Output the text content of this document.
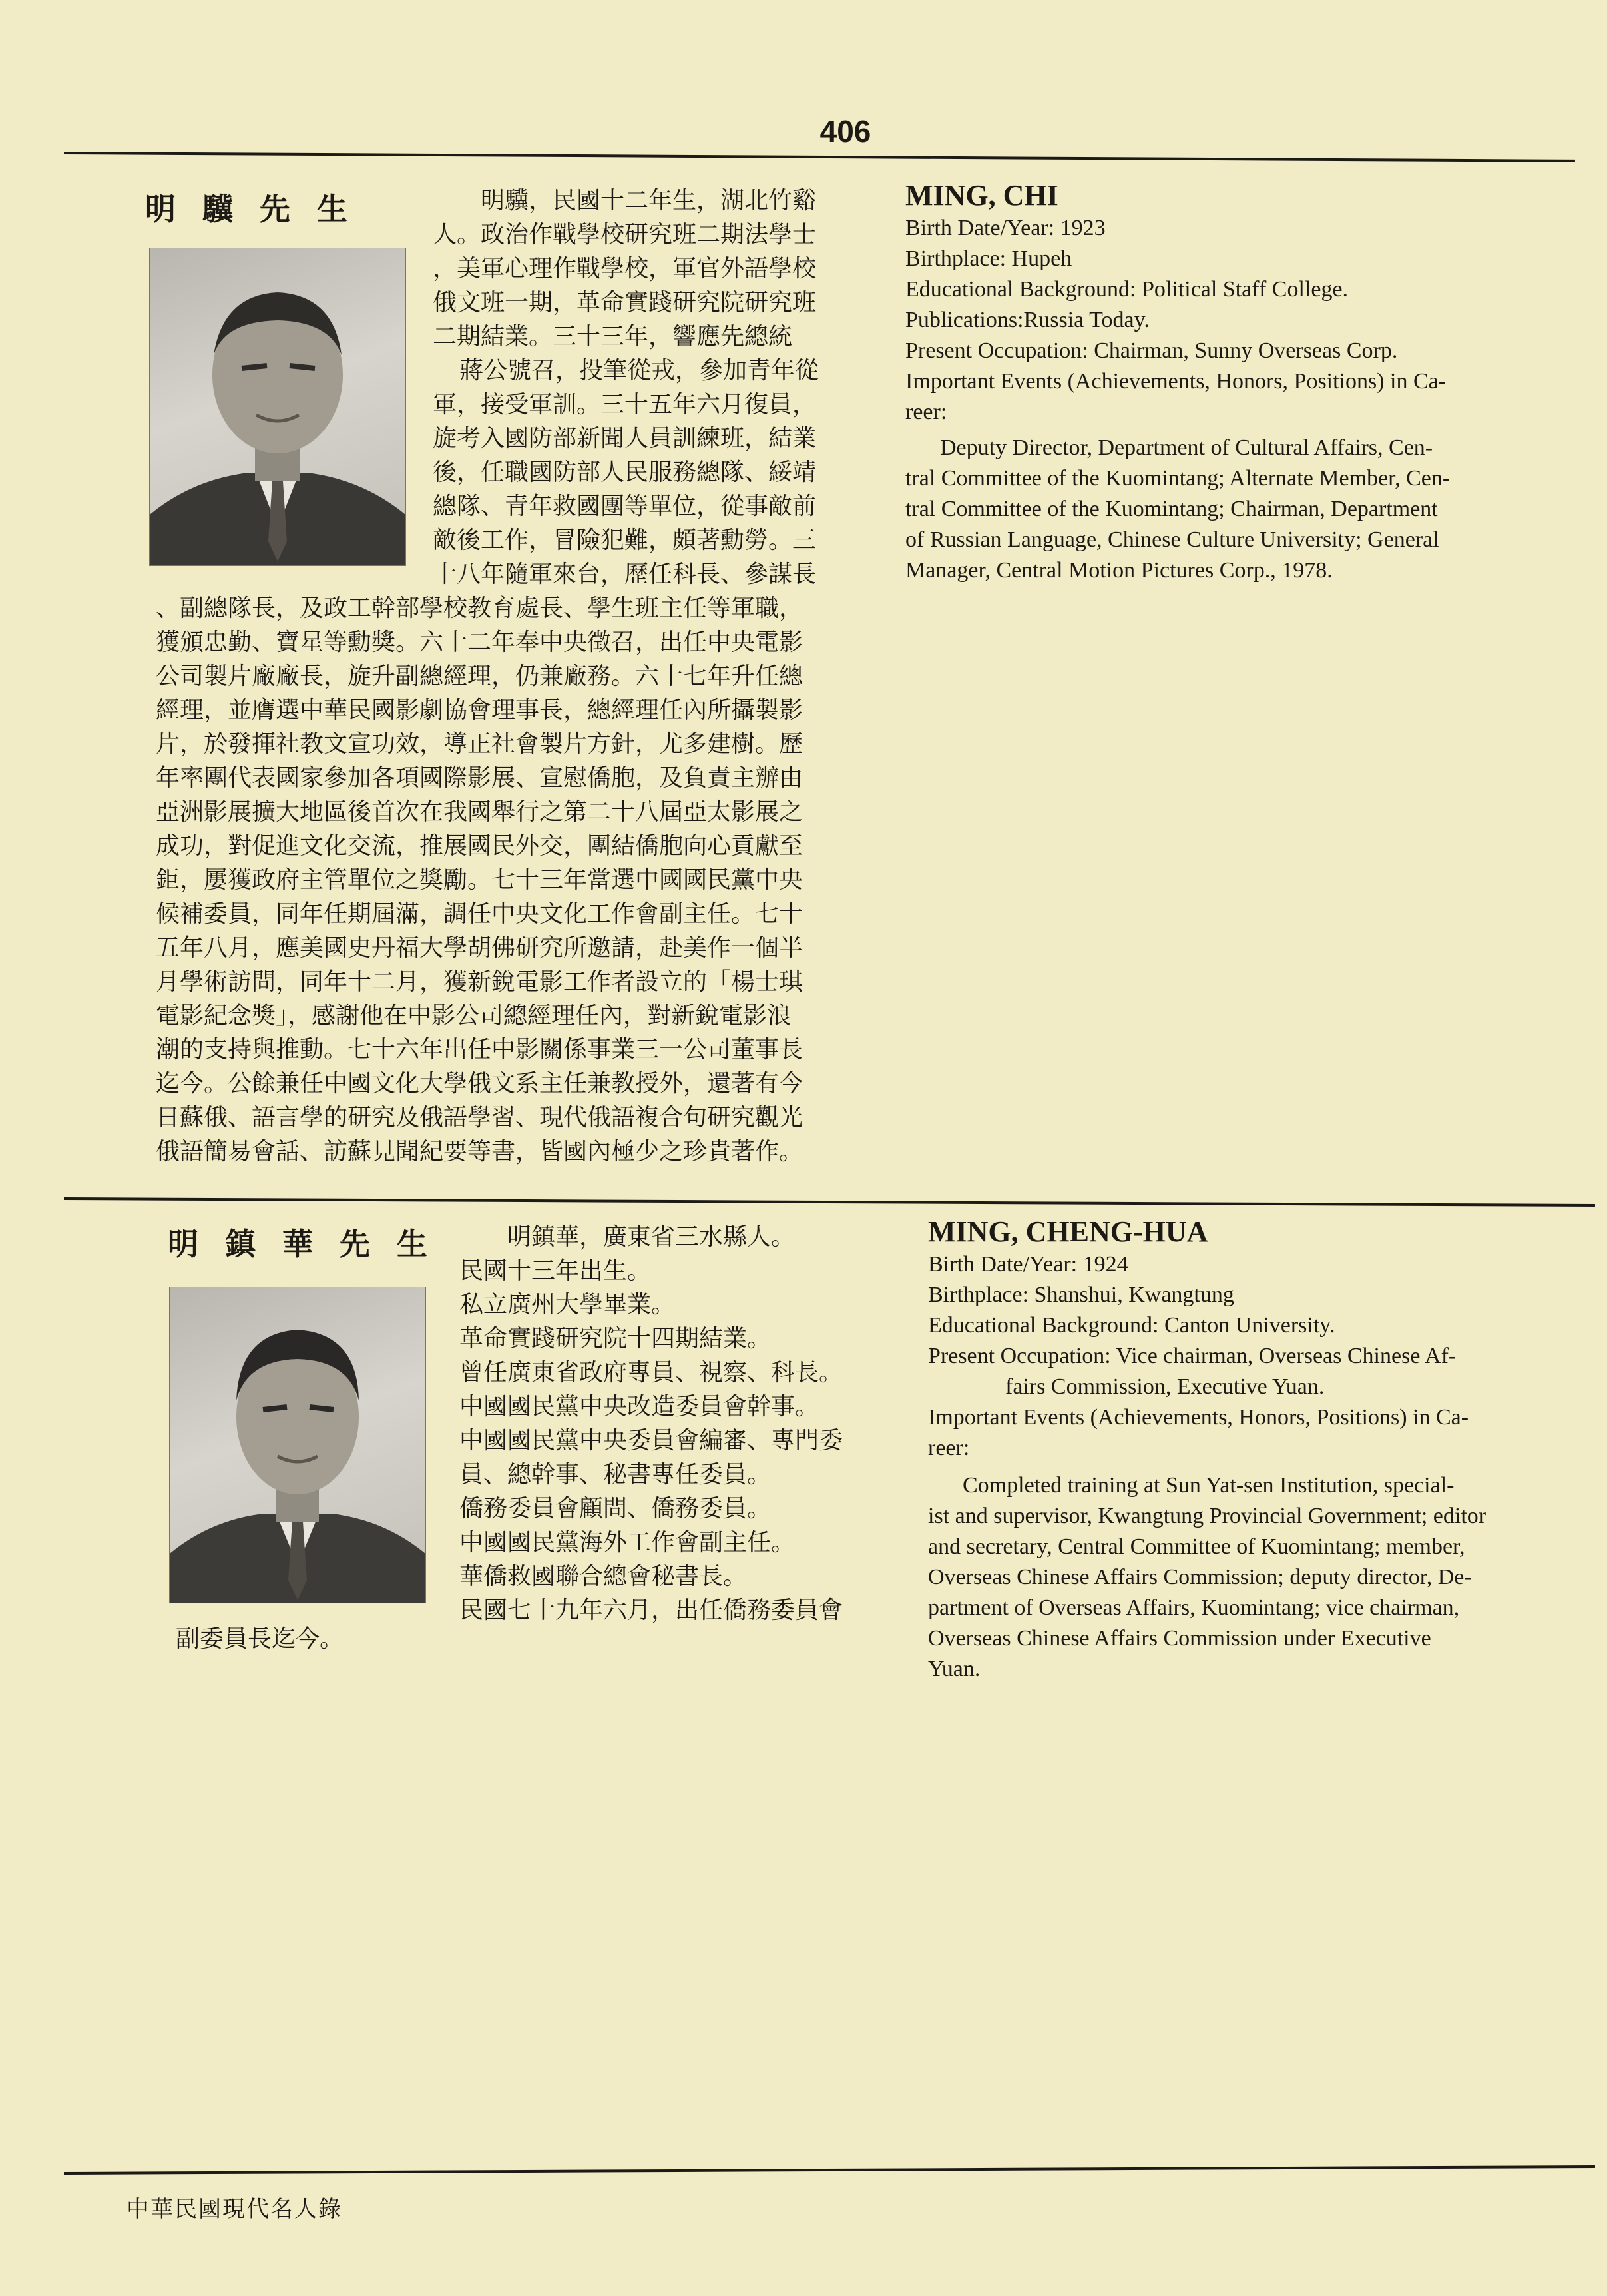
406
明驥先生	明驥，民國十二年生，湖北竹谿
人。政治作戰學校研究班二期法學士
，美軍心理作戰學校，軍官外語學校
俄文班一期，革命實踐研究院研究班
二期結業。三十三年，響應先總統
蔣公號召，投筆從戎，參加青年從
軍，接受軍訓。三十五年六月復員，
旋考入國防部新聞人員訓練班，結業
後，任職國防部人民服務總隊、綏靖
總隊、青年救國團等單位，從事敵前
敵後工作，冒險犯難，頗著勳勞。三
十八年隨軍來台，歷任科長、參謀長
、副總隊長，及政工幹部學校教育處長、學生班主任等軍職，
獲頒忠勤、寶星等勳獎。六十二年奉中央徵召，出任中央電影
公司製片廠廠長，旋升副總經理，仍兼廠務。六十七年升任總
經理，並膺選中華民國影劇協會理事長，總經理任內所攝製影
片，於發揮社教文宣功效，導正社會製片方針，尤多建樹。歷
年率團代表國家參加各項國際影展、宣慰僑胞，及負責主辦由
亞洲影展擴大地區後首次在我國舉行之第二十八屆亞太影展之
成功，對促進文化交流，推展國民外交，團結僑胞向心貢獻至
鉅，屢獲政府主管單位之獎勵。七十三年當選中國國民黨中央
候補委員，同年任期屆滿，調任中央文化工作會副主任。七十
五年八月，應美國史丹福大學胡佛研究所邀請，赴美作一個半
月學術訪問，同年十二月，獲新銳電影工作者設立的「楊士琪
電影紀念獎」，感謝他在中影公司總經理任內，對新銳電影浪
潮的支持與推動。七十六年出任中影關係事業三一公司董事長
迄今。公餘兼任中國文化大學俄文系主任兼教授外，還著有今
日蘇俄、語言學的研究及俄語學習、現代俄語複合句研究觀光
俄語簡易會話、訪蘇見聞紀要等書，皆國內極少之珍貴著作。
MING, CHI
Birth Date/Year: 1923
Birthplace: Hupeh
Educational Background: Political Staff College.
Publications:Russia Today.
Present Occupation: Chairman, Sunny Overseas Corp.
Important Events (Achievements, Honors, Positions) in Ca-
reer:
Deputy Director, Department of Cultural Affairs, Cen-
tral Committee of the Kuomintang; Alternate Member, Cen-
tral Committee of the Kuomintang; Chairman, Department
of Russian Language, Chinese Culture University; General
Manager, Central Motion Pictures Corp., 1978.
明鎮華先生	明鎮華，廣東省三水縣人。
民國十三年出生。
私立廣州大學畢業。
革命實踐研究院十四期結業。
曾任廣東省政府專員、視察、科長。
中國國民黨中央改造委員會幹事。
中國國民黨中央委員會編審、專門委
員、總幹事、秘書專任委員。
僑務委員會顧問、僑務委員。
中國國民黨海外工作會副主任。
華僑救國聯合總會秘書長。
民國七十九年六月，出任僑務委員會
副委員長迄今。
MING, CHENG-HUA
Birth Date/Year: 1924
Birthplace: Shanshui, Kwangtung
Educational Background: Canton University.
Present Occupation: Vice chairman, Overseas Chinese Af-
fairs Commission, Executive Yuan.
Important Events (Achievements, Honors, Positions) in Ca-
reer:
Completed training at Sun Yat-sen Institution, special-
ist and supervisor, Kwangtung Provincial Government; editor
and secretary, Central Committee of Kuomintang; member,
Overseas Chinese Affairs Commission; deputy director, De-
partment of Overseas Affairs, Kuomintang; vice chairman,
Overseas Chinese Affairs Commission under Executive
Yuan.
中華民國現代名人錄
